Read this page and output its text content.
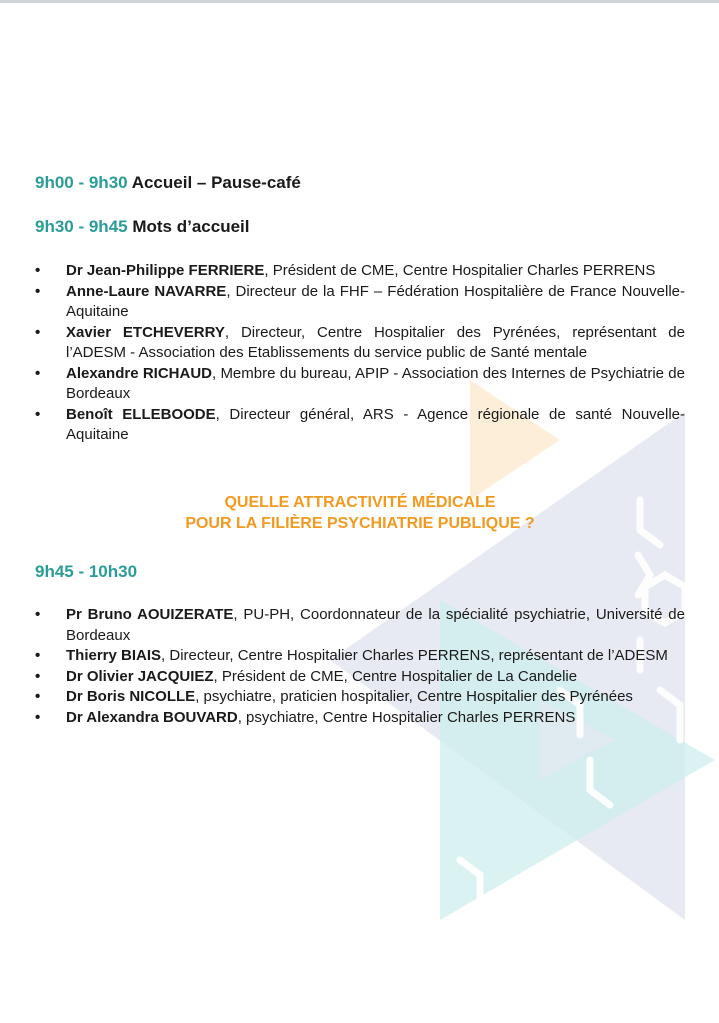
9h00 - 9h30 Accueil – Pause-café

9h30 - 9h45 Mots d’accueil

• Dr Jean-Philippe FERRIERE, Président de CME, Centre Hospitalier Charles PERRENS
• Anne-Laure NAVARRE, Directeur de la FHF – Fédération Hospitalière de France Nouvelle-Aquitaine
• Xavier ETCHEVERRY, Directeur, Centre Hospitalier des Pyrénées, représentant de l’ADESM - Association des Etablissements du service public de Santé mentale
• Alexandre RICHAUD, Membre du bureau, APIP - Association des Internes de Psychiatrie de Bordeaux
• Benoît ELLEBOODE, Directeur général, ARS - Agence régionale de santé Nouvelle-Aquitaine
QUELLE ATTRACTIVITÉ MÉDICALE
POUR LA FILIÈRE PSYCHIATRIE PUBLIQUE ?

9h45 - 10h30

• Pr Bruno AOUIZERATE, PU-PH, Coordonnateur de la spécialité psychiatrie, Université de Bordeaux
• Thierry BIAIS, Directeur, Centre Hospitalier Charles PERRENS, représentant de l’ADESM
• Dr Olivier JACQUIEZ, Président de CME, Centre Hospitalier de La Candelie
• Dr Boris NICOLLE, psychiatre, praticien hospitalier, Centre Hospitalier des Pyrénées
• Dr Alexandra BOUVARD, psychiatre, Centre Hospitalier Charles PERRENS
